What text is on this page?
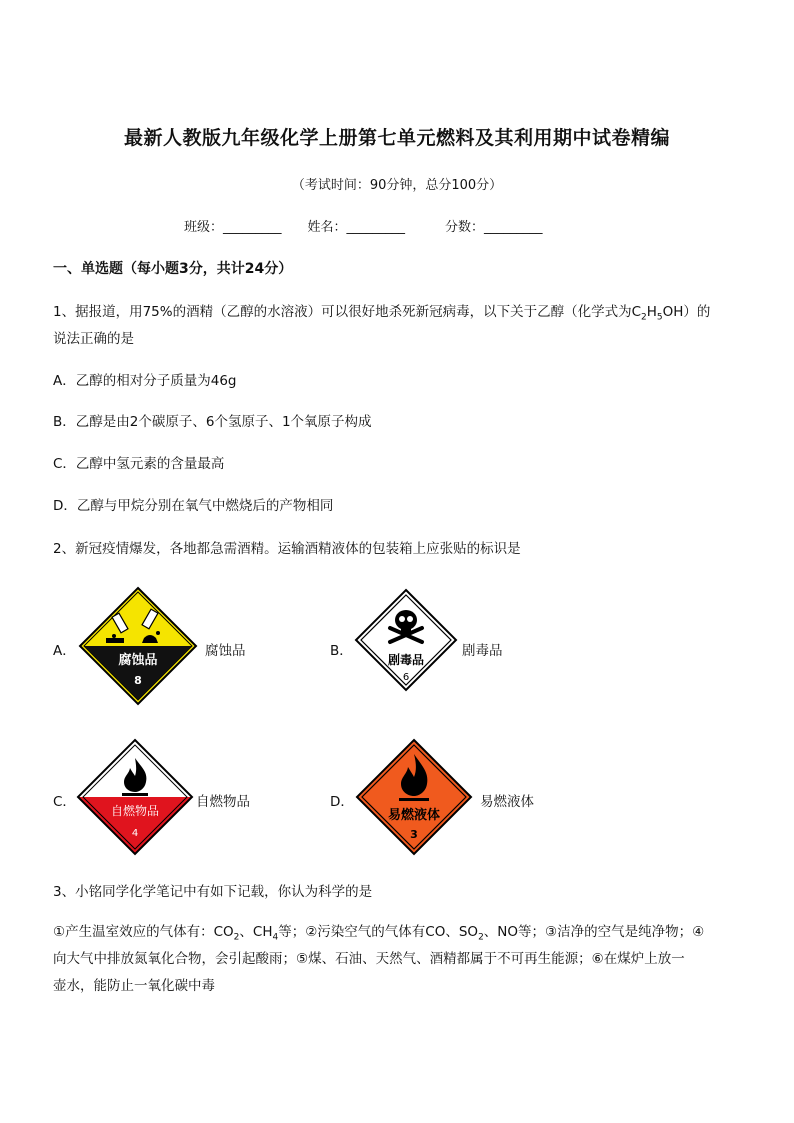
最新人教版九年级化学上册第七单元燃料及其利用期中试卷精编
（考试时间：90分钟，总分100分）
班级：_________ 姓名：_________	分数：_________
一、单选题（每小题3分，共计24分）
1、据报道，用75%的酒精（乙醇的水溶液）可以很好地杀死新冠病毒，以下关于乙醇（化学式为$C_2H_5OH$）的
说法正确的是
A．乙醇的相对分子质量为46g
B．乙醇是由2个碳原子、6个氢原子、1个氧原子构成
C．乙醇中氢元素的含量最高
D．乙醇与甲烷分别在氧气中燃烧后的产物相同
2、新冠疫情爆发，各地都急需酒精。运输酒精液体的包装箱上应张贴的标识是
A．
腐蚀品
8
腐蚀品	B．
剧毒品
6
剧毒品
C．
自燃物品
4
自燃物品	D．
易燃液体
3
易燃液体
3、小铭同学化学笔记中有如下记载，你认为科学的是
①产生温室效应的气体有：$CO_2$、$CH_4$等；②污染空气的气体有CO、$SO_2$、NO等；③洁净的空气是纯净物；④
向大气中排放氮氧化合物，会引起酸雨；⑤煤、石油、天然气、酒精都属于不可再生能源；⑥在煤炉上放一
壶水，能防止一氧化碳中毒
